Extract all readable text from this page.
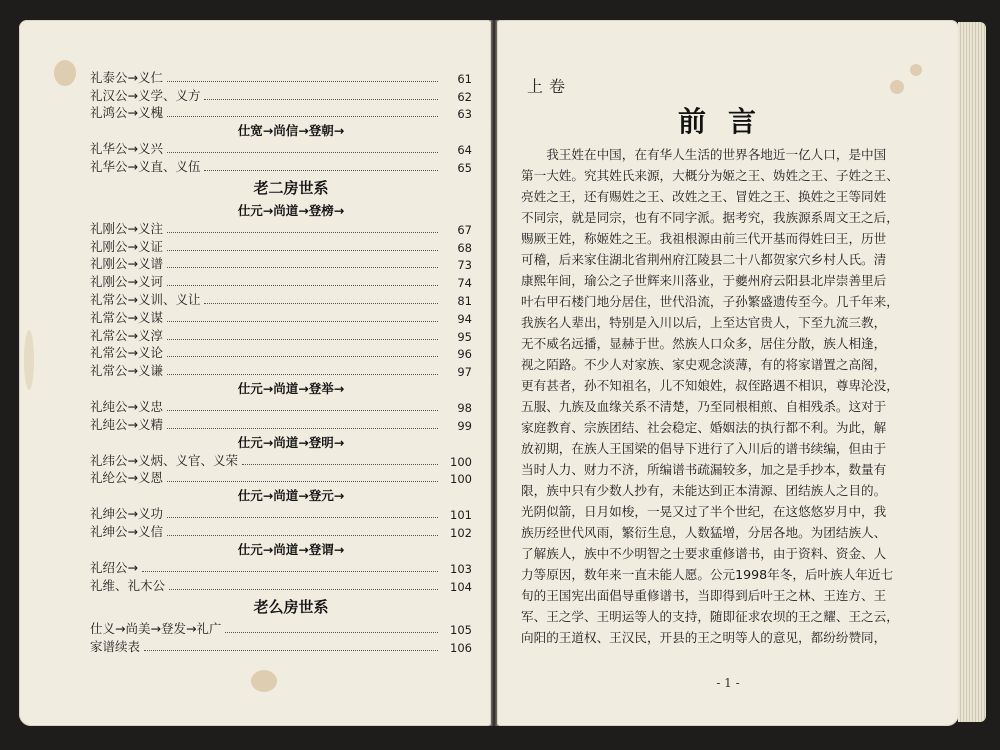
礼泰公→义仁	61
礼汉公→义学、义方	62
礼鸿公→义槐	63
仕宽→尚信→登朝→
礼华公→义兴	64
礼华公→义直、义伍	65
老二房世系
仕元→尚道→登榜→
礼刚公→义注	67
礼刚公→义证	68
礼刚公→义谱	73
礼刚公→义诃	74
礼常公→义训、义让	81
礼常公→义谋	94
礼常公→义淳	95
礼常公→义论	96
礼常公→义谦	97
仕元→尚道→登举→
礼纯公→义忠	98
礼纯公→义精	99
仕元→尚道→登明→
礼纬公→义炳、义官、义荣	100
礼纶公→义恩	100
仕元→尚道→登元→
礼绅公→义功	101
礼绅公→义信	102
仕元→尚道→登谓→
礼绍公→	103
礼维、礼木公	104
老么房世系
仕义→尚美→登发→礼广	105
家谱续表	106
上卷
前言
　　我王姓在中国，在有华人生活的世界各地近一亿人口，是中国
第一大姓。究其姓氏来源，大概分为姬之王、妫姓之王、子姓之王、
亮姓之王，还有赐姓之王、改姓之王、冒姓之王、换姓之王等同姓
不同宗，就是同宗，也有不同字派。据考究，我族源系周文王之后，
赐厥王姓，称姬姓之王。我祖根源由前三代开基而得姓曰王，历世
可稽，后来家住湖北省荆州府江陵县二十八都贺家穴乡村人氏。清
康熙年间，瑜公之子世辉来川落业，于夔州府云阳县北岸崇善里后
叶右甲石楼门地分居住，世代沿流，子孙繁盛遗传至今。几千年来，
我族名人辈出，特别是入川以后，上至达官贵人，下至九流三教，
无不威名远播，显赫于世。然族人口众多，居住分散，族人相逢，
视之陌路。不少人对家族、家史观念淡薄，有的将家谱置之高阁，
更有甚者，孙不知祖名，儿不知娘姓，叔侄路遇不相识，尊卑沦没，
五服、九族及血缘关系不清楚，乃至同根相煎、自相残杀。这对于
家庭教育、宗族团结、社会稳定、婚姻法的执行都不利。为此，解
放初期，在族人王国梁的倡导下进行了入川后的谱书续编，但由于
当时人力、财力不济，所编谱书疏漏较多，加之是手抄本，数量有
限，族中只有少数人抄有，未能达到正本清源、团结族人之目的。
光阴似箭，日月如梭，一晃又过了半个世纪，在这悠悠岁月中，我
族历经世代风雨，繁衍生息，人数猛增，分居各地。为团结族人、
了解族人，族中不少明智之士要求重修谱书，由于资料、资金、人
力等原因，数年来一直未能人愿。公元1998年冬，后叶族人年近七
旬的王国宪出面倡导重修谱书，当即得到后叶王之林、王连方、王
军、王之学、王明运等人的支持，随即征求农坝的王之耀、王之云，
向阳的王道权、王汉民，开县的王之明等人的意见，都纷纷赞同，
- 1 -
